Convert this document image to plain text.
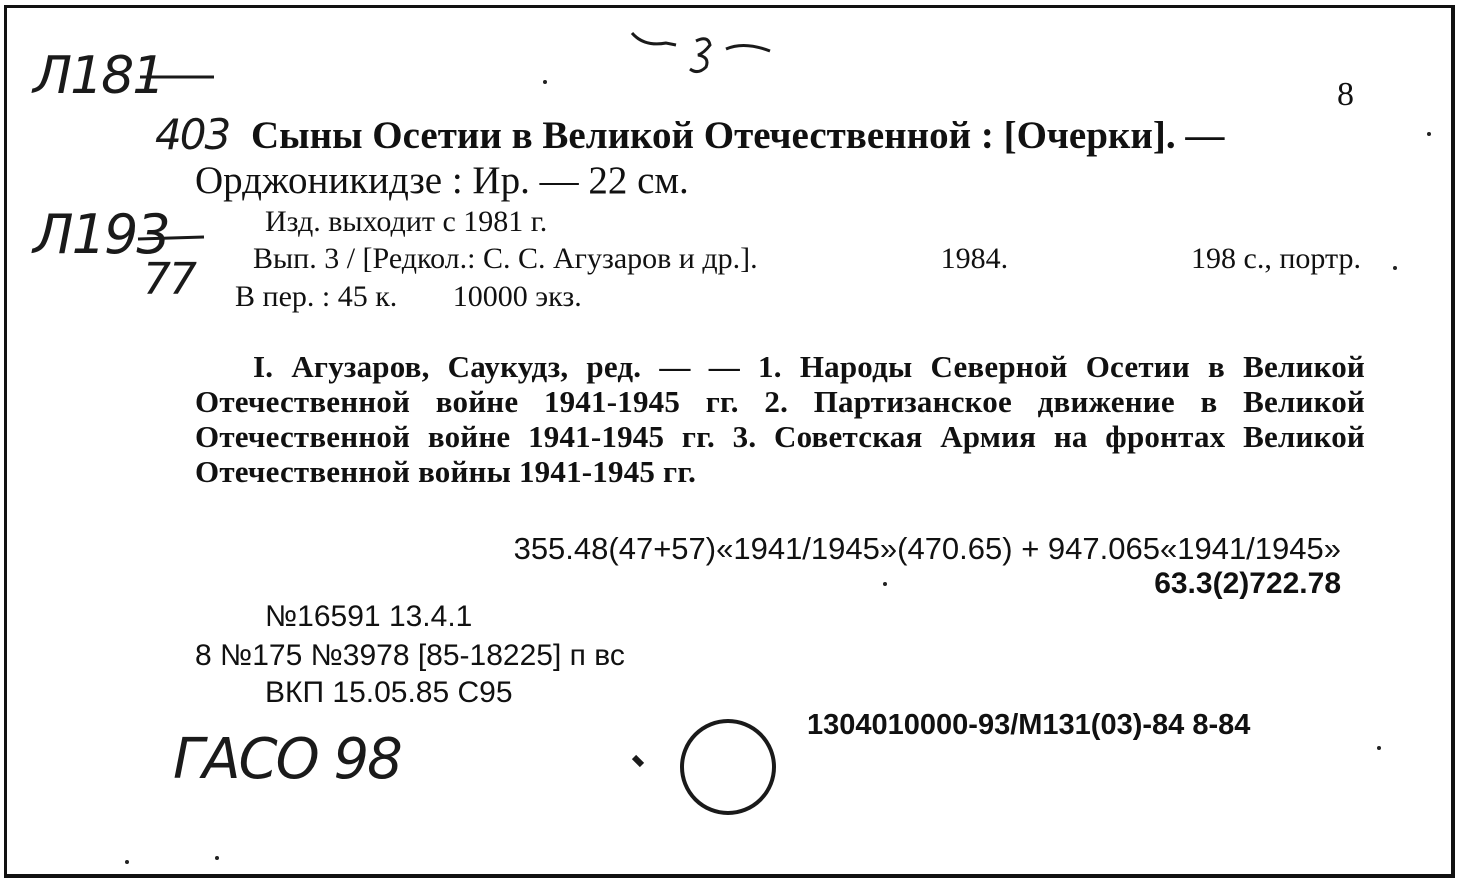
Л181
403
Л193
77
ГАСО 98
8
Сыны Осетии в Великой Отечественной : [Очерки]. —
Орджоникидзе : Ир. — 22 см.
Изд. выходит с 1981 г.
Вып. 3 / [Редкол.: С. С. Агузаров и др.].	1984.	198 с., портр.
В пер. : 45 к. 10000 экз.
I. Агузаров, Саукудз, ред. — — 1. Народы Северной Осетии в Великой Отечественной войне 1941-1945 гг. 2. Партизанское движение в Великой Отечественной войне 1941-1945 гг. 3. Советская Армия на фронтах Великой Отечественной войны 1941-1945 гг.
355.48(47+57)«1941/1945»(470.65) + 947.065«1941/1945»
63.3(2)722.78
№16591 13.4.1
8 №175 №3978 [85-18225] п вс
ВКП 15.05.85 С95
1304010000-93/М131(03)-84 8-84
